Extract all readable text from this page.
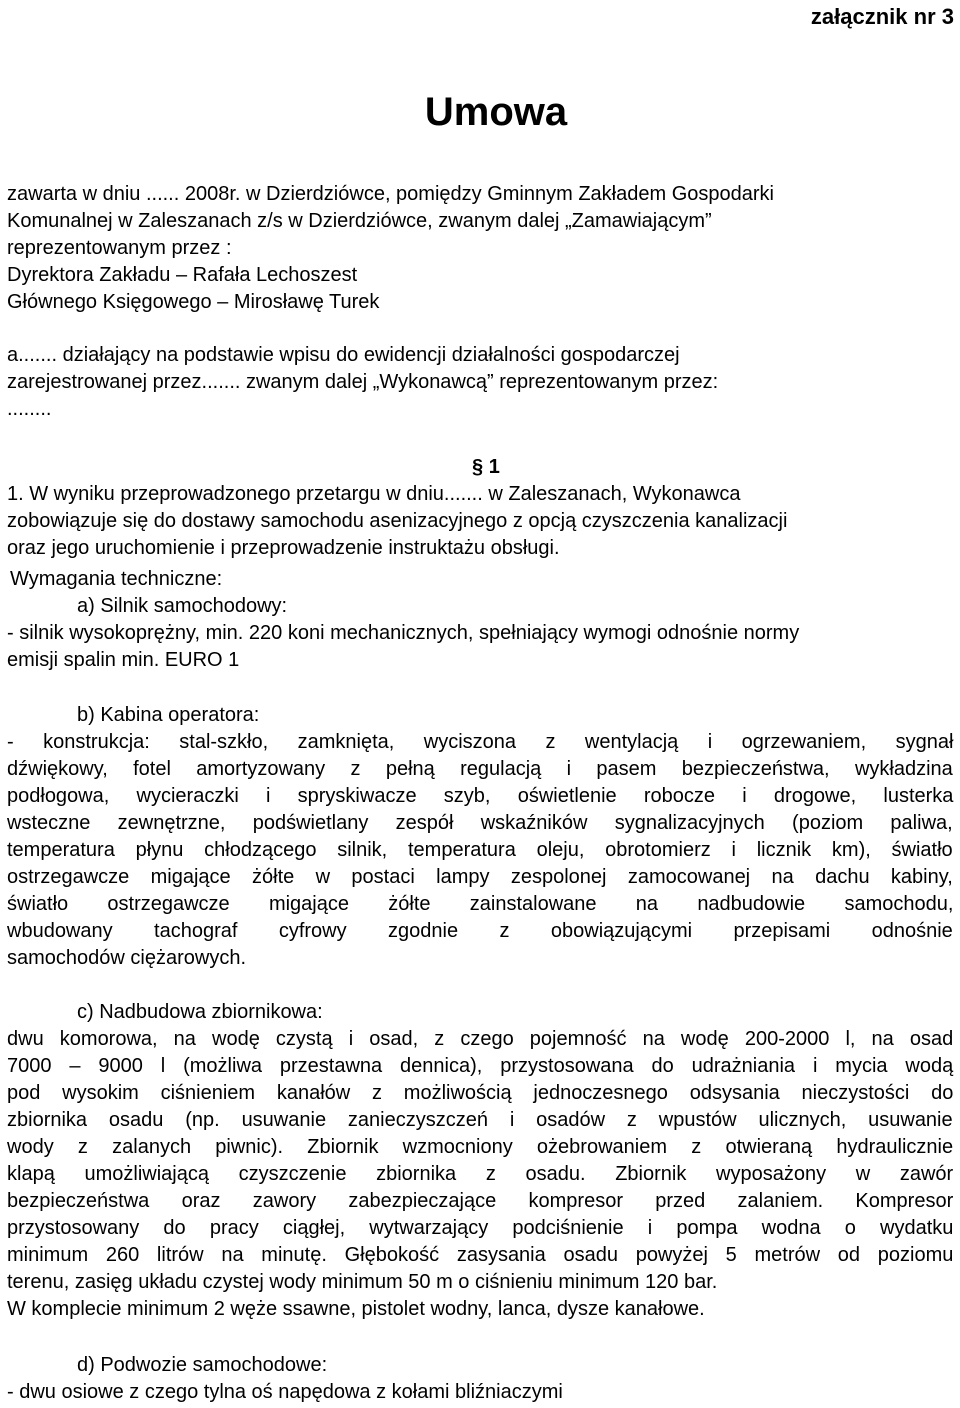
załącznik nr 3

Umowa

zawarta w dniu ...... 2008r. w Dzierdziówce, pomiędzy Gminnym Zakładem Gospodarki

Komunalnej w Zaleszanach z/s w Dzierdziówce, zwanym dalej „Zamawiającym”

reprezentowanym przez :

Dyrektora Zakładu – Rafała Lechoszest

Głównego Księgowego – Mirosławę Turek

a....... działający na podstawie wpisu do ewidencji działalności gospodarczej

zarejestrowanej przez....... zwanym dalej „Wykonawcą” reprezentowanym przez:

........

§ 1

1. W wyniku przeprowadzonego przetargu w dniu....... w Zaleszanach, Wykonawca

zobowiązuje się do dostawy samochodu asenizacyjnego z opcją czyszczenia kanalizacji

oraz jego uruchomienie i przeprowadzenie instruktażu obsługi.

Wymagania techniczne:

a) Silnik samochodowy:

- silnik wysokoprężny, min. 220 koni mechanicznych, spełniający wymogi odnośnie normy

emisji spalin min. EURO 1

b) Kabina operatora:

- konstrukcja: stal-szkło, zamknięta, wyciszona z wentylacją i ogrzewaniem, sygnał

dźwiękowy, fotel amortyzowany z pełną regulacją i pasem bezpieczeństwa, wykładzina

podłogowa, wycieraczki i spryskiwacze szyb, oświetlenie robocze i drogowe, lusterka

wsteczne zewnętrzne, podświetlany zespół wskaźników sygnalizacyjnych (poziom paliwa,

temperatura płynu chłodzącego silnik, temperatura oleju, obrotomierz i licznik km), światło

ostrzegawcze migające żółte w postaci lampy zespolonej zamocowanej na dachu kabiny,

światło ostrzegawcze migające żółte zainstalowane na nadbudowie samochodu,

wbudowany tachograf cyfrowy zgodnie z obowiązującymi przepisami odnośnie

samochodów ciężarowych.

c) Nadbudowa zbiornikowa:

dwu komorowa, na wodę czystą i osad, z czego pojemność na wodę 200-2000 l, na osad

7000 – 9000 l (możliwa przestawna dennica), przystosowana do udrażniania i mycia wodą

pod wysokim ciśnieniem kanałów z możliwością jednoczesnego odsysania nieczystości do

zbiornika osadu (np. usuwanie zanieczyszczeń i osadów z wpustów ulicznych, usuwanie

wody z zalanych piwnic). Zbiornik wzmocniony ożebrowaniem z otwieraną hydraulicznie

klapą umożliwiającą czyszczenie zbiornika z osadu. Zbiornik wyposażony w zawór

bezpieczeństwa oraz zawory zabezpieczające kompresor przed zalaniem. Kompresor

przystosowany do pracy ciągłej, wytwarzający podciśnienie i pompa wodna o wydatku

minimum 260 litrów na minutę. Głębokość zasysania osadu powyżej 5 metrów od poziomu

terenu, zasięg układu czystej wody minimum 50 m o ciśnieniu minimum 120 bar.

W komplecie minimum 2 węże ssawne, pistolet wodny, lanca, dysze kanałowe.

d) Podwozie samochodowe:

- dwu osiowe z czego tylna oś napędowa z kołami bliźniaczymi
